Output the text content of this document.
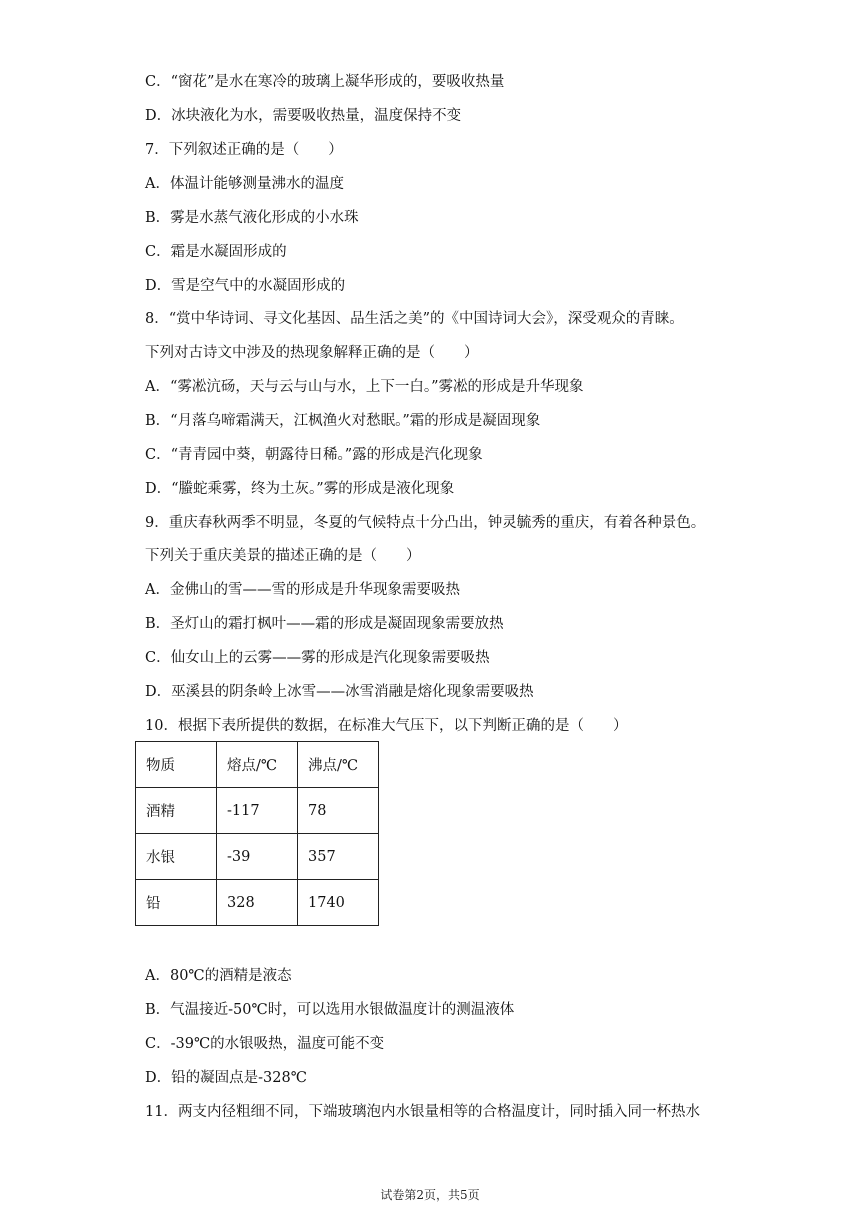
C．“窗花”是水在寒冷的玻璃上凝华形成的，要吸收热量
D．冰块液化为水，需要吸收热量，温度保持不变
7．下列叙述正确的是（　　）
A．体温计能够测量沸水的温度
B．雾是水蒸气液化形成的小水珠
C．霜是水凝固形成的
D．雪是空气中的水凝固形成的
8．“赏中华诗词、寻文化基因、品生活之美”的《中国诗词大会》，深受观众的青睐。
下列对古诗文中涉及的热现象解释正确的是（　　）
A．“雾凇沆砀，天与云与山与水，上下一白。”雾凇的形成是升华现象
B．“月落乌啼霜满天，江枫渔火对愁眠。”霜的形成是凝固现象
C．“青青园中葵，朝露待日稀。”露的形成是汽化现象
D．“螣蛇乘雾，终为土灰。”雾的形成是液化现象
9．重庆春秋两季不明显，冬夏的气候特点十分凸出，钟灵毓秀的重庆，有着各种景色。
下列关于重庆美景的描述正确的是（　　）
A．金佛山的雪——雪的形成是升华现象需要吸热
B．圣灯山的霜打枫叶——霜的形成是凝固现象需要放热
C．仙女山上的云雾——雾的形成是汽化现象需要吸热
D．巫溪县的阴条岭上冰雪——冰雪消融是熔化现象需要吸热
10．根据下表所提供的数据，在标准大气压下，以下判断正确的是（　　）
物质	熔点/℃	沸点/℃
酒精	-117	78
水银	-39	357
铅	328	1740
A．80℃的酒精是液态
B．气温接近-50℃时，可以选用水银做温度计的测温液体
C．-39℃的水银吸热，温度可能不变
D．铅的凝固点是-328℃
11．两支内径粗细不同，下端玻璃泡内水银量相等的合格温度计，同时插入同一杯热水
试卷第2页，共5页
